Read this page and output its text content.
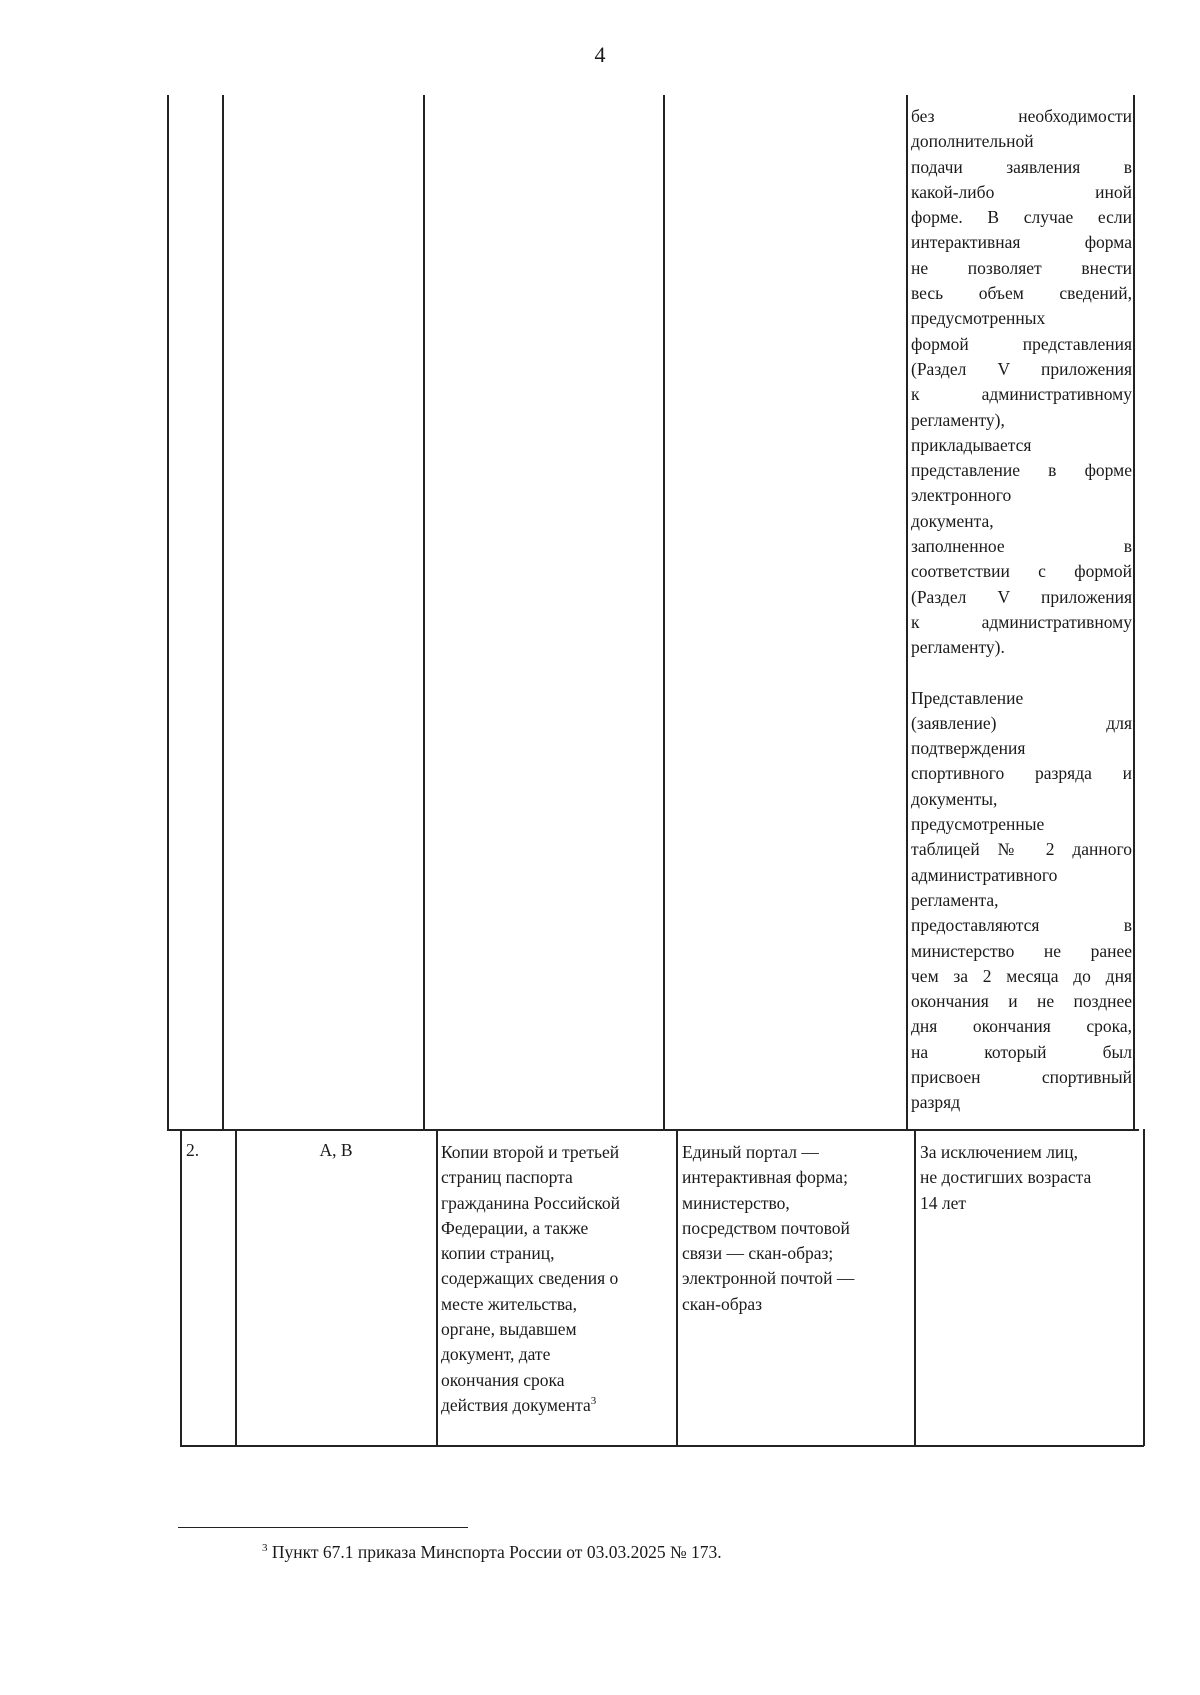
4
без необходимости
дополнительной
подачи заявления в
какой-либо иной
форме. В случае если
интерактивная форма
не позволяет внести
весь объем сведений,
предусмотренных
формой представления
(Раздел V приложения
к административному
регламенту),
прикладывается
представление в форме
электронного
документа,
заполненное в
соответствии с формой
(Раздел V приложения
к административному
регламенту).
Представление
(заявление) для
подтверждения
спортивного разряда и
документы,
предусмотренные
таблицей № 2 данного
административного
регламента,
предоставляются в
министерство не ранее
чем за 2 месяца до дня
окончания и не позднее
дня окончания срока,
на который был
присвоен спортивный
разряд
2.	А, В	Копии второй и третьей
страниц паспорта
гражданина Российской
Федерации, а также
копии страниц,
содержащих сведения о
месте жительства,
органе, выдавшем
документ, дате
окончания срока
действия документа$^3$
Единый портал —
интерактивная форма;
министерство,
посредством почтовой
связи — скан-образ;
электронной почтой —
скан-образ
За исключением лиц,
не достигших возраста
14 лет
$^3$ Пункт 67.1 приказа Минспорта России от 03.03.2025 № 173.
